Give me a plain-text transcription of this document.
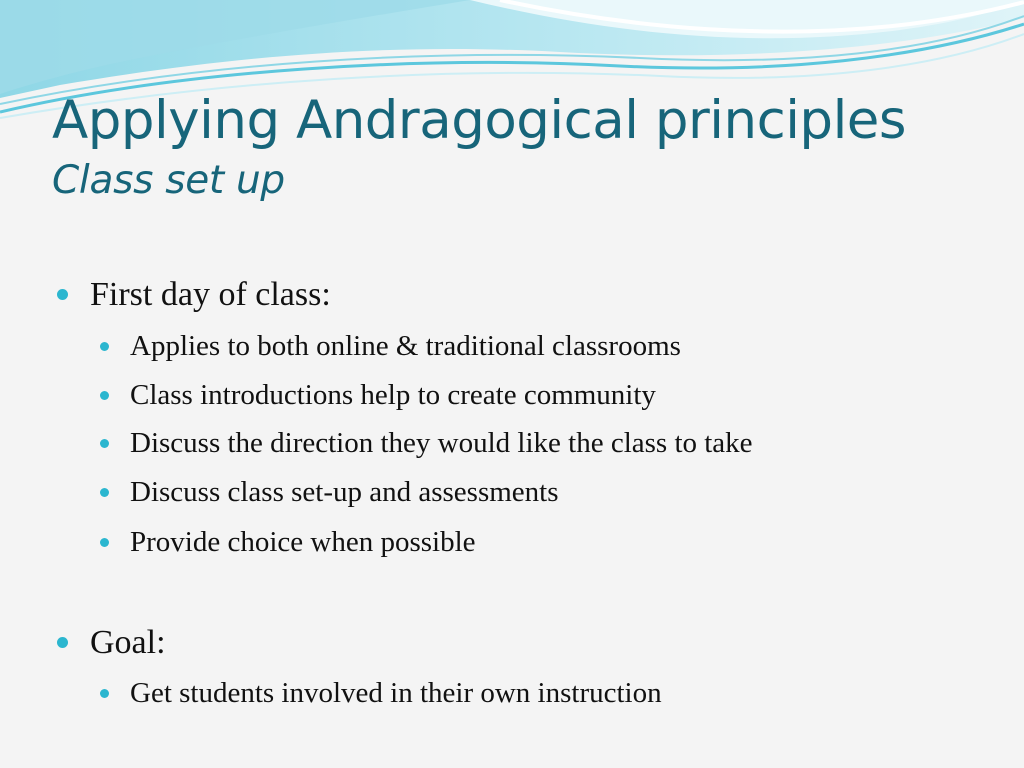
Applying Andragogical principles
Class set up
First day of class:
Applies to both online & traditional classrooms
Class introductions help to create community
Discuss the direction they would like the class to take
Discuss class set-up and assessments
Provide choice when possible
Goal:
Get students involved in their own instruction
